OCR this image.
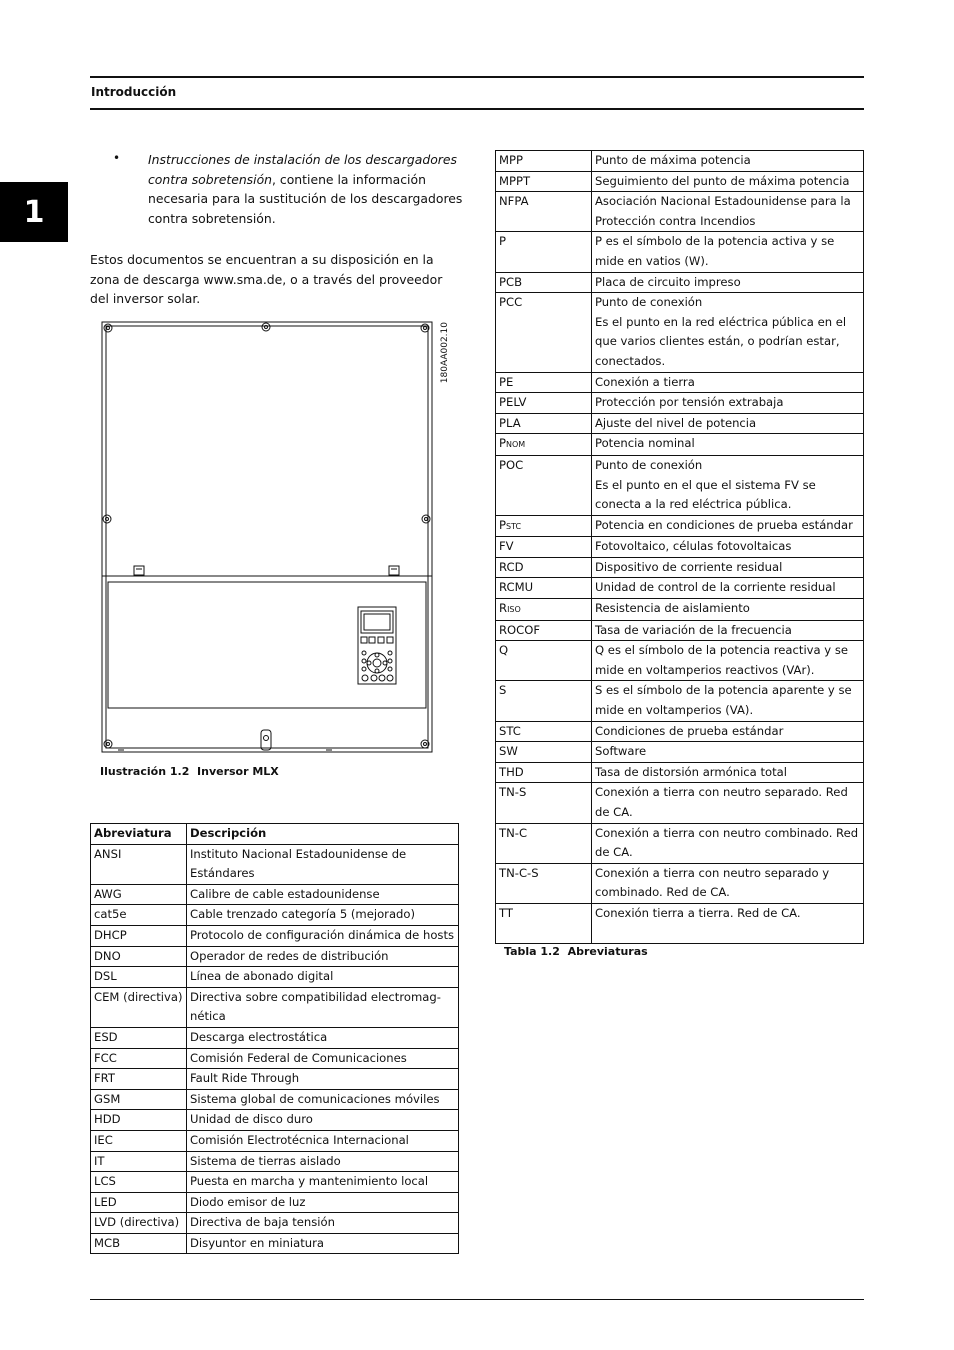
Introducción
1
• Instrucciones de instalación de los descargadores contra sobretensión, contiene la información necesaria para la sustitución de los descargadores contra sobretensión.
Estos documentos se encuentran a su disposición en la zona de descarga www.sma.de, o a través del proveedor del inversor solar.
180AA002.10
Ilustración 1.2 Inversor MLX
Abreviatura	Descripción
ANSI	Instituto Nacional Estadounidense de Estándares
AWG	Calibre de cable estadounidense
cat5e	Cable trenzado categoría 5 (mejorado)
DHCP	Protocolo de configuración dinámica de hosts
DNO	Operador de redes de distribución
DSL	Línea de abonado digital
CEM (directiva)	Directiva sobre compatibilidad electromag-nética
ESD	Descarga electrostática
FCC	Comisión Federal de Comunicaciones
FRT	Fault Ride Through
GSM	Sistema global de comunicaciones móviles
HDD	Unidad de disco duro
IEC	Comisión Electrotécnica Internacional
IT	Sistema de tierras aislado
LCS	Puesta en marcha y mantenimiento local
LED	Diodo emisor de luz
LVD (directiva)	Directiva de baja tensión
MCB	Disyuntor en miniatura
MPP	Punto de máxima potencia
MPPT	Seguimiento del punto de máxima potencia
NFPA	Asociación Nacional Estadounidense para la Protección contra Incendios
P	P es el símbolo de la potencia activa y se mide en vatios (W).
PCB	Placa de circuito impreso
PCC	Punto de conexión
Es el punto en la red eléctrica pública en el que varios clientes están, o podrían estar, conectados.
PE	Conexión a tierra
PELV	Protección por tensión extrabaja
PLA	Ajuste del nivel de potencia
PNOM	Potencia nominal
POC	Punto de conexión
Es el punto en el que el sistema FV se conecta a la red eléctrica pública.
PSTC	Potencia en condiciones de prueba estándar
FV	Fotovoltaico, células fotovoltaicas
RCD	Dispositivo de corriente residual
RCMU	Unidad de control de la corriente residual
RISO	Resistencia de aislamiento
ROCOF	Tasa de variación de la frecuencia
Q	Q es el símbolo de la potencia reactiva y se mide en voltamperios reactivos (VAr).
S	S es el símbolo de la potencia aparente y se mide en voltamperios (VA).
STC	Condiciones de prueba estándar
SW	Software
THD	Tasa de distorsión armónica total
TN-S	Conexión a tierra con neutro separado. Red de CA.
TN-C	Conexión a tierra con neutro combinado. Red de CA.
TN-C-S	Conexión a tierra con neutro separado y combinado. Red de CA.
TT	Conexión tierra a tierra. Red de CA.
Tabla 1.2 Abreviaturas
